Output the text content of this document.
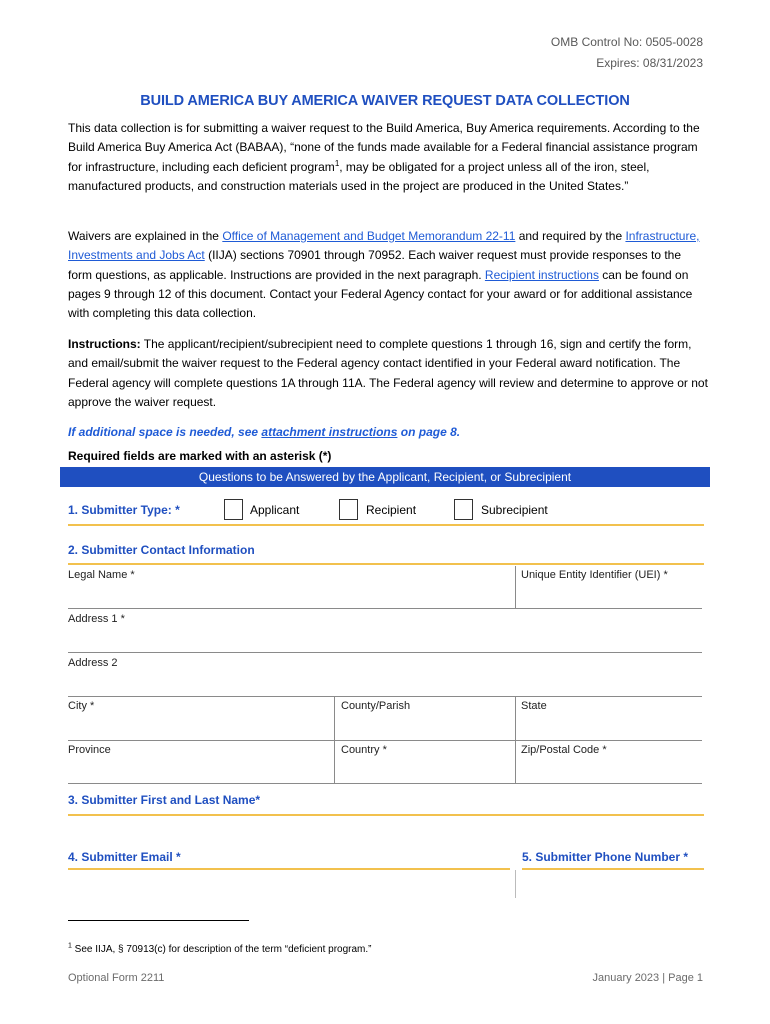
OMB Control No: 0505-0028
Expires: 08/31/2023
BUILD AMERICA BUY AMERICA WAIVER REQUEST DATA COLLECTION
This data collection is for submitting a waiver request to the Build America, Buy America requirements. According to the Build America Buy America Act (BABAA), “none of the funds made available for a Federal financial assistance program for infrastructure, including each deficient program$^1$, may be obligated for a project unless all of the iron, steel, manufactured products, and construction materials used in the project are produced in the United States.”
Waivers are explained in the Office of Management and Budget Memorandum 22-11 and required by the Infrastructure, Investments and Jobs Act (IIJA) sections 70901 through 70952. Each waiver request must provide responses to the form questions, as applicable. Instructions are provided in the next paragraph. Recipient instructions can be found on pages 9 through 12 of this document. Contact your Federal Agency contact for your award or for additional assistance with completing this data collection.
Instructions: The applicant/recipient/subrecipient need to complete questions 1 through 16, sign and certify the form, and email/submit the waiver request to the Federal agency contact identified in your Federal award notification. The Federal agency will complete questions 1A through 11A. The Federal agency will review and determine to approve or not approve the waiver request.
If additional space is needed, see attachment instructions on page 8.
Required fields are marked with an asterisk (*)
Questions to be Answered by the Applicant, Recipient, or Subrecipient
1. Submitter Type: *	Applicant	Recipient	Subrecipient
2. Submitter Contact Information
Legal Name *	Unique Entity Identifier (UEI) *
Address 1 *
Address 2
City *	County/Parish	State
Province	Country *	Zip/Postal Code *
3. Submitter First and Last Name*
4. Submitter Email *	5. Submitter Phone Number *
$^1$ See IIJA, § 70913(c) for description of the term “deficient program.”
Optional Form 2211	January 2023 | Page 1
